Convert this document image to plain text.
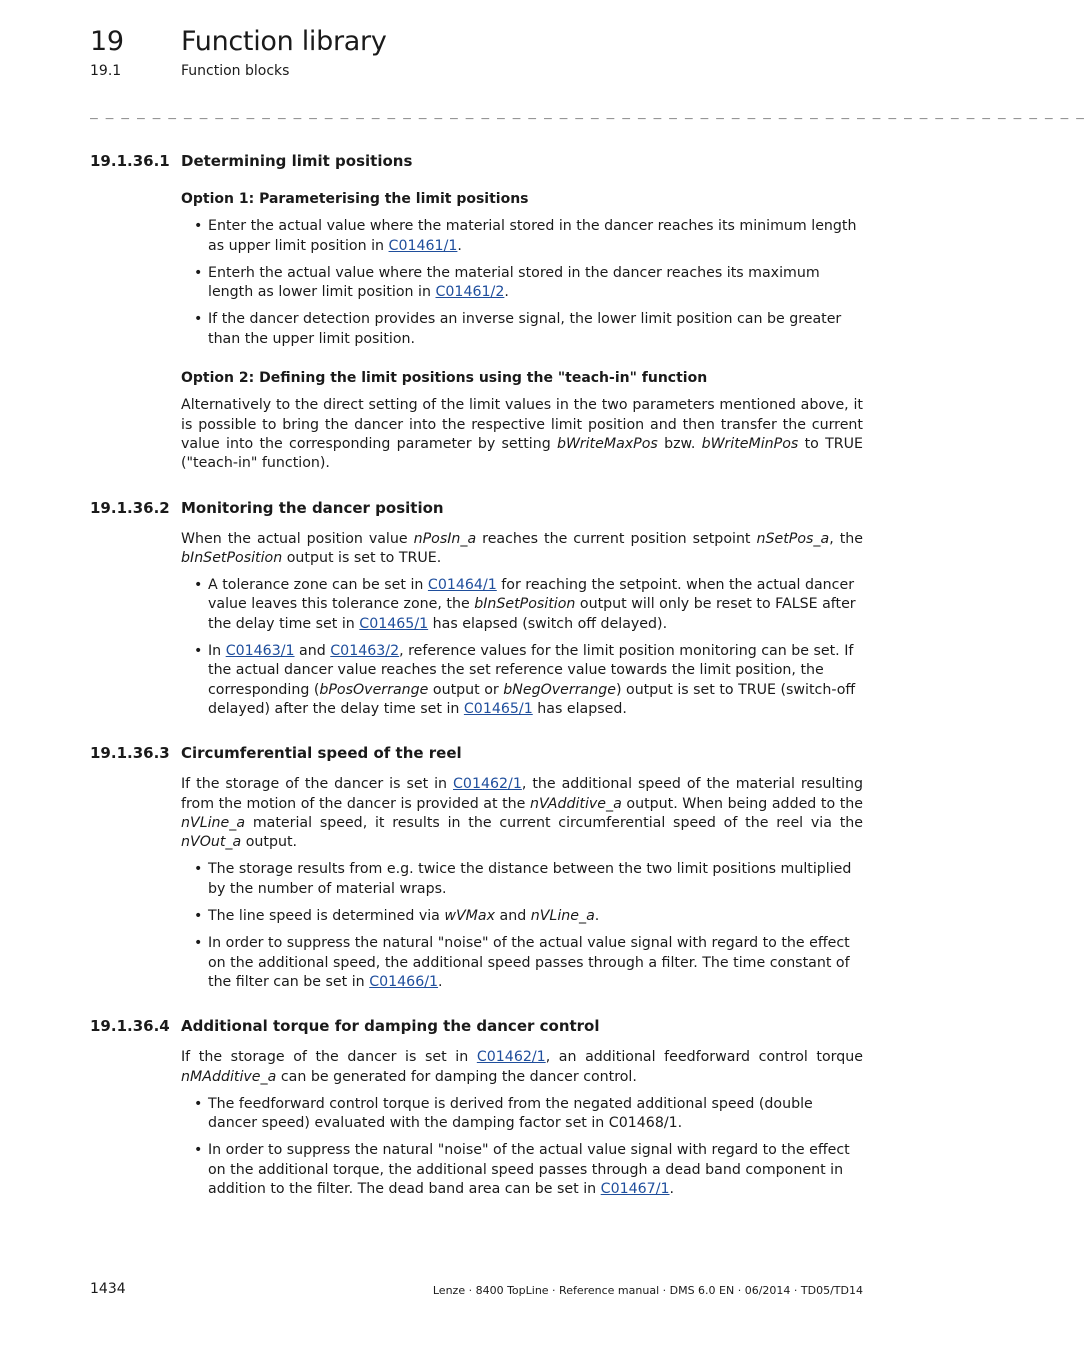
19 Function library
19.1	Function blocks
_ _ _ _ _ _ _ _ _ _ _ _ _ _ _ _ _ _ _ _ _ _ _ _ _ _ _ _ _ _ _ _ _ _ _ _ _ _ _ _ _ _ _ _ _ _ _ _ _ _ _ _ _ _ _ _ _ _ _ _ _ _ _ _
19.1.36.1 Determining limit positions
Option 1: Parameterising the limit positions
• Enter the actual value where the material stored in the dancer reaches its minimum length as upper limit position in C01461/1.
• Enterh the actual value where the material stored in the dancer reaches its maximum length as lower limit position in C01461/2.
• If the dancer detection provides an inverse signal, the lower limit position can be greater than the upper limit position.
Option 2: Defining the limit positions using the "teach-in" function

Alternatively to the direct setting of the limit values in the two parameters mentioned above, it is possible to bring the dancer into the respective limit position and then transfer the current value into the corresponding parameter by setting bWriteMaxPos bzw. bWriteMinPos to TRUE ("teach-in" function).

19.1.36.2 Monitoring the dancer position

When the actual position value nPosIn_a reaches the current position setpoint nSetPos_a, the bInSetPosition output is set to TRUE.

• A tolerance zone can be set in C01464/1 for reaching the setpoint. when the actual dancer value leaves this tolerance zone, the bInSetPosition output will only be reset to FALSE after the delay time set in C01465/1 has elapsed (switch off delayed).
• In C01463/1 and C01463/2, reference values for the limit position monitoring can be set. If the actual dancer value reaches the set reference value towards the limit position, the corresponding (bPosOverrange output or bNegOverrange) output is set to TRUE (switch-off delayed) after the delay time set in C01465/1 has elapsed.
19.1.36.3 Circumferential speed of the reel

If the storage of the dancer is set in C01462/1, the additional speed of the material resulting from the motion of the dancer is provided at the nVAdditive_a output. When being added to the nVLine_a material speed, it results in the current circumferential speed of the reel via the nVOut_a output.

• The storage results from e.g. twice the distance between the two limit positions multiplied by the number of material wraps.
• The line speed is determined via wVMax and nVLine_a.
• In order to suppress the natural "noise" of the actual value signal with regard to the effect on the additional speed, the additional speed passes through a filter. The time constant of the filter can be set in C01466/1.
19.1.36.4 Additional torque for damping the dancer control

If the storage of the dancer is set in C01462/1, an additional feedforward control torque nMAdditive_a can be generated for damping the dancer control.

• The feedforward control torque is derived from the negated additional speed (double dancer speed) evaluated with the damping factor set in C01468/1.
• In order to suppress the natural "noise" of the actual value signal with regard to the effect on the additional torque, the additional speed passes through a dead band component in addition to the filter. The dead band area can be set in C01467/1.
1434	Lenze · 8400 TopLine · Reference manual · DMS 6.0 EN · 06/2014 · TD05/TD14
